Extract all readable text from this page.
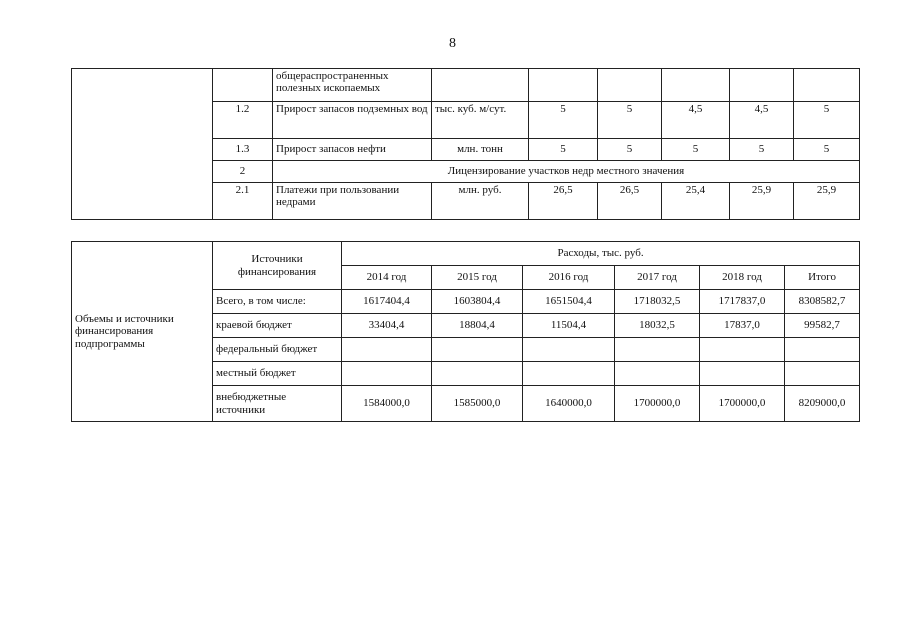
8
		общераспространенных полезных ископаемых						
	1.2	Прирост запасов подземных вод	тыс. куб. м/сут.	5	5	4,5	4,5	5
	1.3	Прирост запасов нефти	млн. тонн	5	5	5	5	5
	2	Лицензирование участков недр местного значения						
	2.1	Платежи при пользовании недрами	млн. руб.	26,5	26,5	25,4	25,9	25,9
Объемы и источники финансирования подпрограммы	Источники финансирования	Расходы, тыс. руб.					
		2014 год	2015 год	2016 год	2017 год	2018 год	Итого
	Всего, в том числе:	1617404,4	1603804,4	1651504,4	1718032,5	1717837,0	8308582,7
	краевой бюджет	33404,4	18804,4	11504,4	18032,5	17837,0	99582,7
	федеральный бюджет						
	местный бюджет						
	внебюджетные источники	1584000,0	1585000,0	1640000,0	1700000,0	1700000,0	8209000,0
